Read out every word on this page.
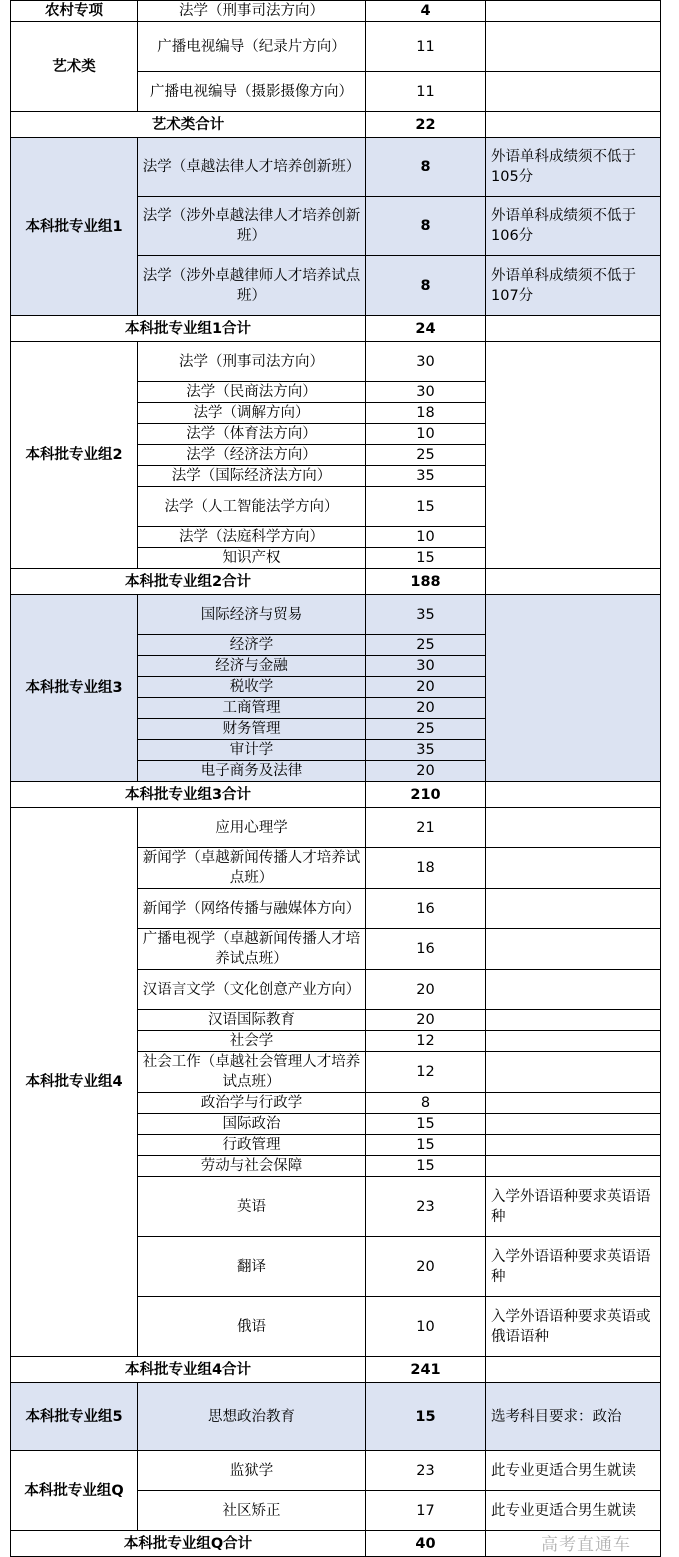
农村专项	法学（刑事司法方向）	4	
艺术类	广播电视编导（纪录片方向）	11	
	广播电视编导（摄影摄像方向）	11	
艺术类合计		22	
本科批专业组1	法学（卓越法律人才培养创新班）	8	外语单科成绩须不低于105分
	法学（涉外卓越法律人才培养创新班）	8	外语单科成绩须不低于106分
	法学（涉外卓越律师人才培养试点班）	8	外语单科成绩须不低于107分
本科批专业组1合计		24	
本科批专业组2	法学（刑事司法方向）	30	
	法学（民商法方向）	30	
	法学（调解方向）	18	
	法学（体育法方向）	10	
	法学（经济法方向）	25	
	法学（国际经济法方向）	35	
	法学（人工智能法学方向）	15	
	法学（法庭科学方向）	10	
	知识产权	15	
本科批专业组2合计		188	
本科批专业组3	国际经济与贸易	35	
	经济学	25	
	经济与金融	30	
	税收学	20	
	工商管理	20	
	财务管理	25	
	审计学	35	
	电子商务及法律	20	
本科批专业组3合计		210	
本科批专业组4	应用心理学	21	
	新闻学（卓越新闻传播人才培养试点班）	18	
	新闻学（网络传播与融媒体方向）	16	
	广播电视学（卓越新闻传播人才培养试点班）	16	
	汉语言文学（文化创意产业方向）	20	
	汉语国际教育	20	
	社会学	12	
	社会工作（卓越社会管理人才培养试点班）	12	
	政治学与行政学	8	
	国际政治	15	
	行政管理	15	
	劳动与社会保障	15	
	英语	23	入学外语语种要求英语语种
	翻译	20	入学外语语种要求英语语种
	俄语	10	入学外语语种要求英语或俄语语种
本科批专业组4合计		241	
本科批专业组5	思想政治教育	15	选考科目要求：政治
本科批专业组Q	监狱学	23	此专业更适合男生就读
	社区矫正	17	此专业更适合男生就读
本科批专业组Q合计		40		高考直通车
